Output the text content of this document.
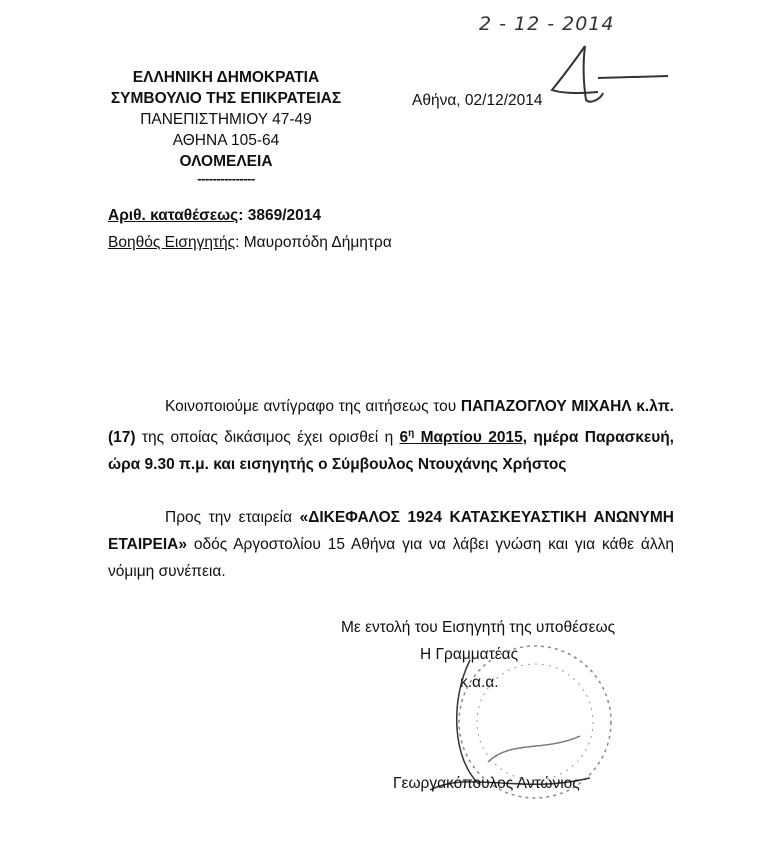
2 - 12 - 2014
ΕΛΛΗΝΙΚΗ ΔΗΜΟΚΡΑΤΙΑ
ΣΥΜΒΟΥΛΙΟ ΤΗΣ ΕΠΙΚΡΑΤΕΙΑΣ
ΠΑΝΕΠΙΣΤΗΜΙΟΥ 47-49
ΑΘΗΝΑ 105-64
ΟΛΟΜΕΛΕΙΑ
---------------
Αθήνα, 02/12/2014
Αριθ. καταθέσεως: 3869/2014
Βοηθός Εισηγητής: Μαυροπόδη Δήμητρα
Κοινοποιούμε αντίγραφο της αιτήσεως του ΠΑΠΑΖΟΓΛΟΥ ΜΙΧΑΗΛ κ.λπ. (17) της οποίας δικάσιμος έχει ορισθεί η $6^\eta$ Μαρτίου 2015, ημέρα Παρασκευή, ώρα 9.30 π.μ. και εισηγητής ο Σύμβουλος Ντουχάνης Χρήστος
Προς την εταιρεία «ΔΙΚΕΦΑΛΟΣ 1924 ΚΑΤΑΣΚΕΥΑΣΤΙΚΗ ΑΝΩΝΥΜΗ ΕΤΑΙΡΕΙΑ» οδός Αργοστολίου 15 Αθήνα για να λάβει γνώση και για κάθε άλλη νόμιμη συνέπεια.
Με εντολή του Εισηγητή της υποθέσεως
Η Γραμματέας
κ.α.α.
Γεωργακόπουλος Αντώνιος
